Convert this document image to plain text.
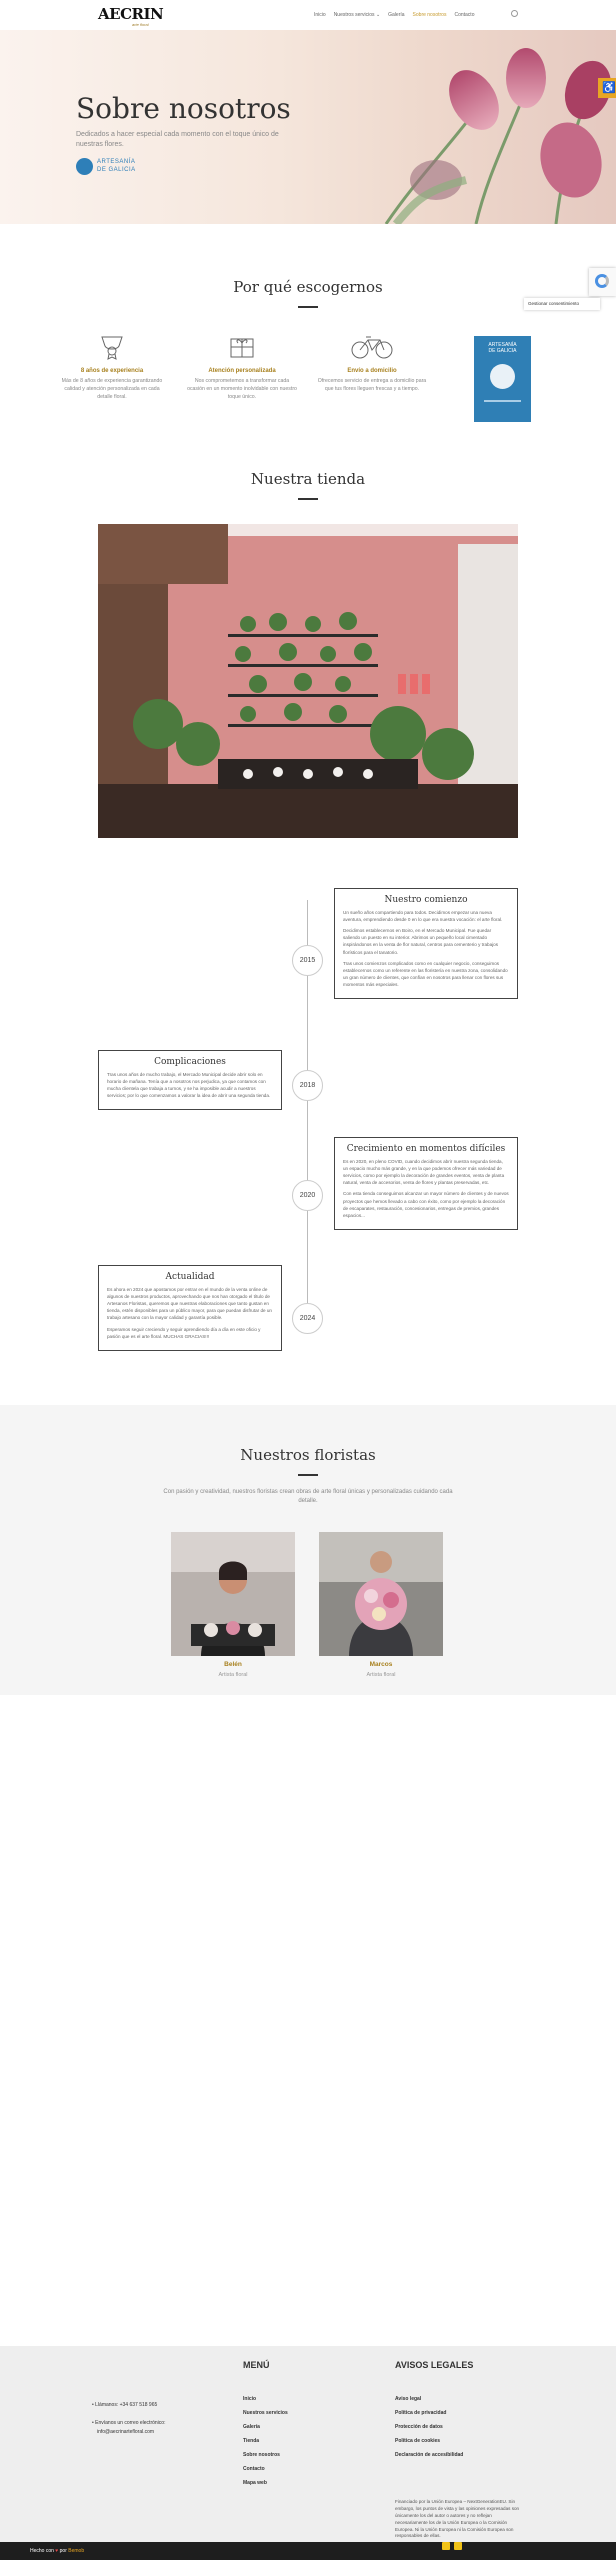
AECRIN
arte floral
Inicio Nuestros servicios ⌄ Galería Sobre nosotros Contacto
Sobre nosotros
Dedicados a hacer especial cada momento con el toque único de nuestras flores.
ARTESANÍA
DE GALICIA
♿
Gestionar consentimiento
Por qué escogernos
8 años de experiencia
Más de 8 años de experiencia garantizando calidad y atención personalizada en cada detalle floral.
Atención personalizada
Nos comprometemos a transformar cada ocasión en un momento inolvidable con nuestro toque único.
Envío a domicilio
Ofrecemos servicio de entrega a domicilio para que tus flores lleguen frescas y a tiempo.
ARTESANÍA
DE GALICIA
Nuestra tienda
2015
Nuestro comienzo

Un sueño años compartiendo para todos. Decidimos empezar una nueva aventura, emprendiendo desde 0 en lo que era nuestra vocación: el arte floral.

Decidimos establecernos en Boiro, en el Mercado Municipal. Fue quedar saliendo un puesto en su interior. Abrimos un pequeño local cimentado inspirándonos en la venta de flor natural, centros para cementerio y trabajos florísticos para el tanatorio.

Tras unos comienzos complicados como en cualquier negocio, conseguimos establecernos como un referente en las floristería en nuestra zona, consolidando un gran número de clientes, que confían en nosotros para llenar con flores sus momentos más especiales.

2018
Complicaciones

Tras unos años de mucho trabajo, el Mercado Municipal decide abrir solo en horario de mañana. Tenía que a nosotros nos perjudica, ya que contamos con mucha clientela que trabaja a turnos, y se ha imposible acudir a nuestros servicios; por lo que comenzamos a valorar la idea de abrir una segunda tienda.

2020
Crecimiento en momentos difíciles

Es en 2020, en pleno COVID, cuando decidimos abrir nuestra segunda tienda, un espacio mucho más grande, y en la que podemos ofrecer más variedad de servicios, como por ejemplo la decoración de grandes eventos, venta de planta natural, venta de accesorios, venta de flores y plantas preservadas, etc.

Con esta tienda conseguimos alcanzar un mayor número de clientes y de nuevos proyectos que hemos llevado a cabo con éxito, como por ejemplo la decoración de escaparates, restauración, concesionarios, entregas de premios, grandes espacios...

2024
Actualidad

Es ahora en 2024 que apostamos por entrar en el mundo de la venta online de algunos de nuestros productos, aprovechando que nos han otorgado el título de Artesanos Floristas, queremos que nuestras elaboraciones que tanto gustan en tienda, estén disponibles para un público mayor, para que puedan disfrutar de un trabajo artesano con la mayor calidad y garantía posible.

Esperamos seguir creciendo y seguir aprendiendo día a día en este oficio y pasión que es el arte floral. MUCHAS GRACIAS!!!

Nuestros floristas
Con pasión y creatividad, nuestros floristas crean obras de arte floral únicas y personalizadas cuidando cada detalle.
Belén
Artista floral
Marcos
Artista floral
• Llámanos: +34 637 518 965
• Envíanos un correo electrónico:
info@aecrinartefloral.com
MENÚ
Inicio
Nuestros servicios
Galería
Tienda
Sobre nosotros
Contacto
Mapa web
AVISOS LEGALES
Aviso legal
Política de privacidad
Protección de datos
Política de cookies
Declaración de accesibilidad
Financiado por la Unión Europea – NextGenerationEU. Sin embargo, los puntos de vista y las opiniones expresadas son únicamente los del autor o autores y no reflejan necesariamente los de la Unión Europea o la Comisión Europea. Ni la Unión Europea ni la Comisión Europea son responsables de ellas.
Hecho con ♥ por Bemob
